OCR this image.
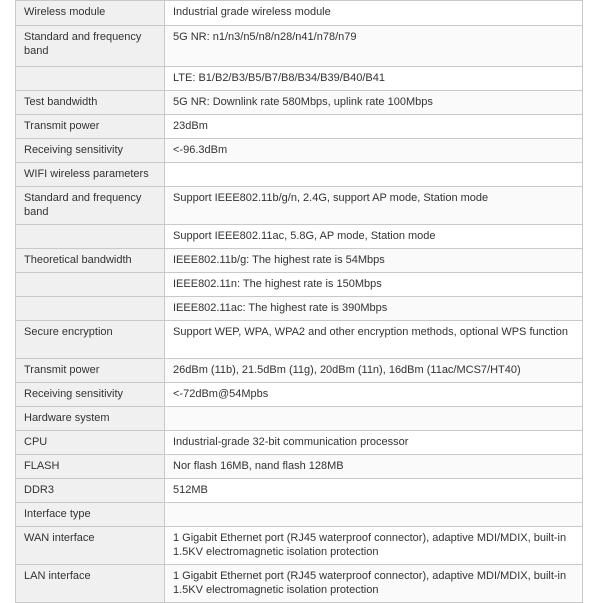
Wireless module	Industrial grade wireless module
Standard and frequency band	5G NR: n1/n3/n5/n8/n28/n41/n78/n79
	LTE: B1/B2/B3/B5/B7/B8/B34/B39/B40/B41
Test bandwidth	5G NR: Downlink rate 580Mbps, uplink rate 100Mbps
Transmit power	23dBm
Receiving sensitivity	<-96.3dBm
WIFI wireless parameters	
Standard and frequency band	Support IEEE802.11b/g/n, 2.4G, support AP mode, Station mode
	Support IEEE802.11ac, 5.8G, AP mode, Station mode
Theoretical bandwidth	IEEE802.11b/g: The highest rate is 54Mbps
	IEEE802.11n: The highest rate is 150Mbps
	IEEE802.11ac: The highest rate is 390Mbps
Secure encryption	Support WEP, WPA, WPA2 and other encryption methods, optional WPS function
Transmit power	26dBm (11b), 21.5dBm (11g), 20dBm (11n), 16dBm (11ac/MCS7/HT40)
Receiving sensitivity	<-72dBm@54Mpbs
Hardware system	
CPU	Industrial-grade 32-bit communication processor
FLASH	Nor flash 16MB, nand flash 128MB
DDR3	512MB
Interface type	
WAN interface	1 Gigabit Ethernet port (RJ45 waterproof connector), adaptive MDI/MDIX, built-in 1.5KV electromagnetic isolation protection
LAN interface	1 Gigabit Ethernet port (RJ45 waterproof connector), adaptive MDI/MDIX, built-in 1.5KV electromagnetic isolation protection
